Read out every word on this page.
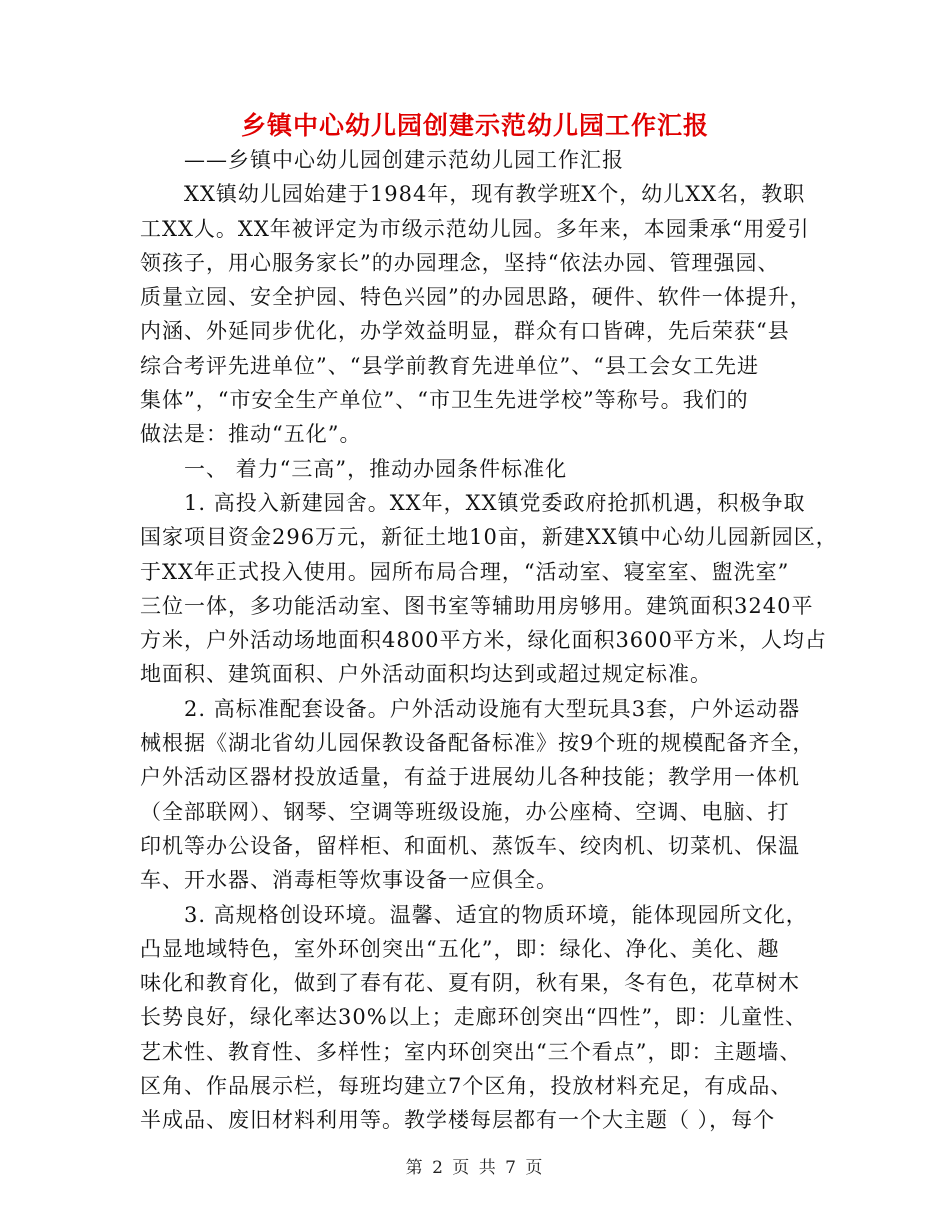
乡镇中心幼儿园创建示范幼儿园工作汇报
——乡镇中心幼儿园创建示范幼儿园工作汇报
XX镇幼儿园始建于1984年，现有教学班X个，幼儿XX名，教职
工XX人。XX年被评定为市级示范幼儿园。多年来，本园秉承“用爱引
领孩子，用心服务家长”的办园理念，坚持“依法办园、管理强园、
质量立园、安全护园、特色兴园”的办园思路，硬件、软件一体提升，
内涵、外延同步优化，办学效益明显，群众有口皆碑，先后荣获“县
综合考评先进单位”、“县学前教育先进单位”、“县工会女工先进
集体”，“市安全生产单位”、“市卫生先进学校”等称号。我们的
做法是：推动“五化”。
一、 着力“三高”，推动办园条件标准化
1. 高投入新建园舍。XX年，XX镇党委政府抢抓机遇，积极争取
国家项目资金296万元，新征土地10亩，新建XX镇中心幼儿园新园区，
于XX年正式投入使用。园所布局合理，“活动室、寝室室、盥洗室”
三位一体，多功能活动室、图书室等辅助用房够用。建筑面积3240平
方米，户外活动场地面积4800平方米，绿化面积3600平方米，人均占
地面积、建筑面积、户外活动面积均达到或超过规定标准。
2. 高标准配套设备。户外活动设施有大型玩具3套，户外运动器
械根据《湖北省幼儿园保教设备配备标准》按9个班的规模配备齐全，
户外活动区器材投放适量，有益于进展幼儿各种技能；教学用一体机
（全部联网）、钢琴、空调等班级设施，办公座椅、空调、电脑、打
印机等办公设备，留样柜、和面机、蒸饭车、绞肉机、切菜机、保温
车、开水器、消毒柜等炊事设备一应俱全。
3. 高规格创设环境。温馨、适宜的物质环境，能体现园所文化，
凸显地域特色，室外环创突出“五化”，即：绿化、净化、美化、趣
味化和教育化，做到了春有花、夏有阴，秋有果，冬有色，花草树木
长势良好，绿化率达30%以上；走廊环创突出“四性”，即：儿童性、
艺术性、教育性、多样性；室内环创突出“三个看点”，即：主题墙、
区角、作品展示栏，每班均建立7个区角，投放材料充足，有成品、
半成品、废旧材料利用等。教学楼每层都有一个大主题（ ），每个
第 2 页 共 7 页
